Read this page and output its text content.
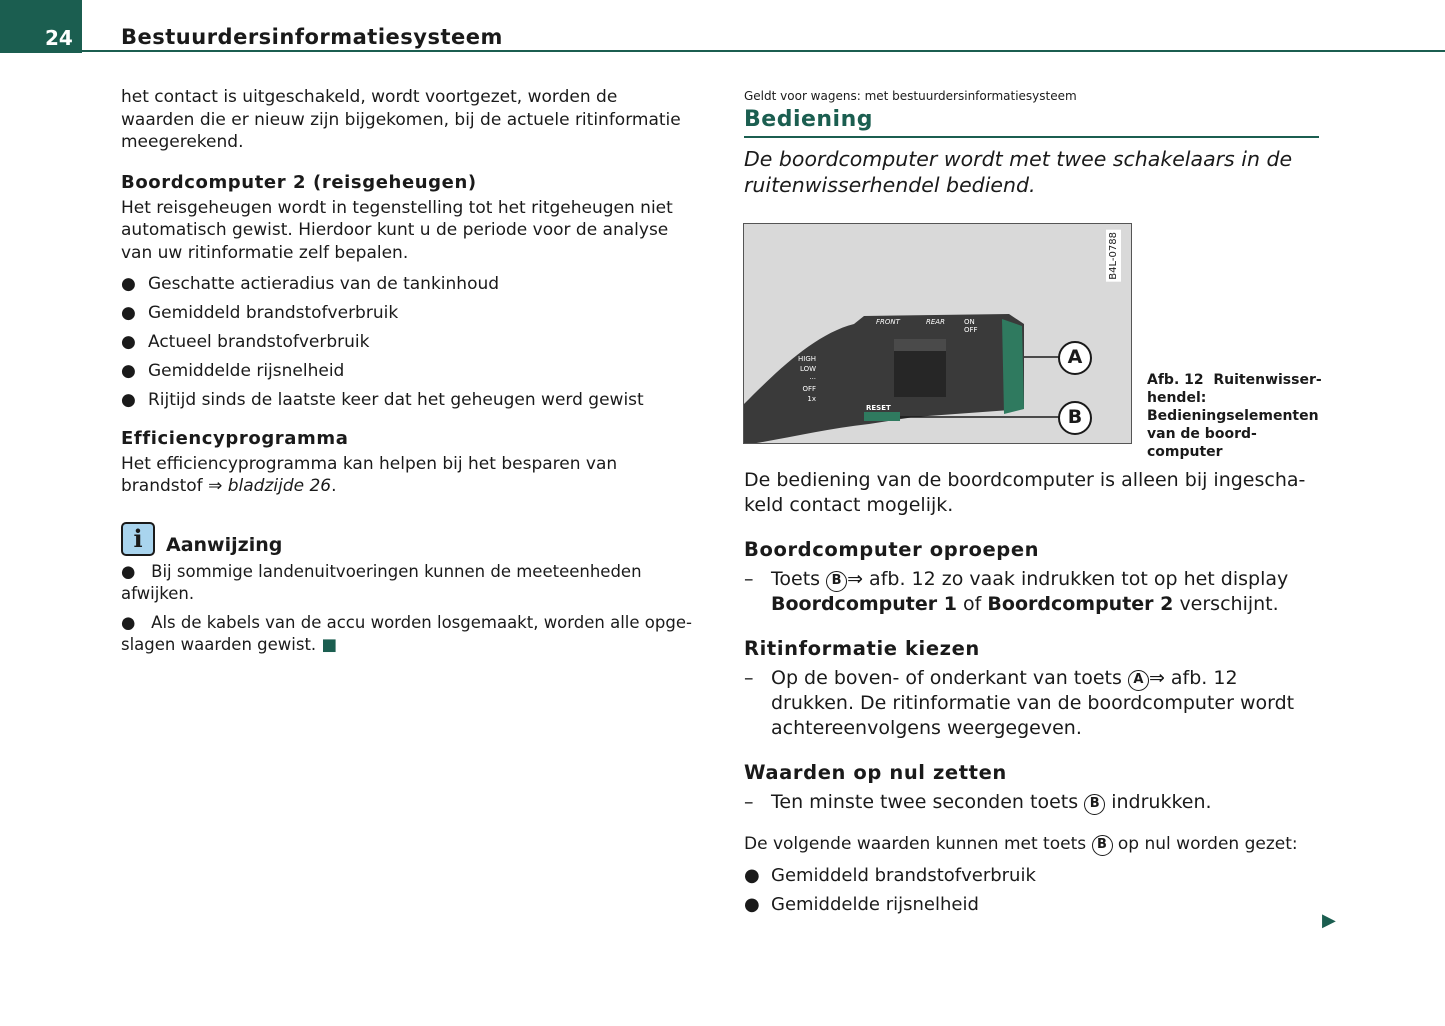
24	Bestuurdersinformatiesysteem

het contact is uitgeschakeld, wordt voortgezet, worden de waarden die er nieuw zijn bijgekomen, bij de actuele ritinformatie meegerekend.

Boordcomputer 2 (reisgeheugen)

Het reisgeheugen wordt in tegenstelling tot het ritgeheugen niet automatisch gewist. Hierdoor kunt u de periode voor de analyse van uw ritinformatie zelf bepalen.

● Geschatte actieradius van de tankinhoud
● Gemiddeld brandstofverbruik
● Actueel brandstofverbruik
● Gemiddelde rijsnelheid
● Rijtijd sinds de laatste keer dat het geheugen werd gewist
Efficiencyprogramma

Het efficiencyprogramma kan helpen bij het besparen van brandstof ⇒ bladzijde 26.

i	Aanwijzing

● Bij sommige landenuitvoeringen kunnen de meeteenheden afwijken.

● Als de kabels van de accu worden losgemaakt, worden alle opgeslagen waarden gewist. ■

Geldt voor wagens: met bestuurdersinformatiesysteem
Bediening
De boordcomputer wordt met twee schakelaars in de ruitenwisserhendel bediend.
A
B
B4L-0788
FRONT	REAR	ON
OFF
HIGH
LOW
···
OFF
1x
RESET
Afb. 12 Ruitenwisserhendel: Bedieningselementen van de boordcomputer

De bediening van de boordcomputer is alleen bij ingeschakeld contact mogelijk.

Boordcomputer oproepen
– Toets B ⇒ afb. 12 zo vaak indrukken tot op het display Boordcomputer 1 of Boordcomputer 2 verschijnt.
Ritinformatie kiezen
– Op de boven- of onderkant van toets A ⇒ afb. 12 drukken. De ritinformatie van de boordcomputer wordt achtereenvolgens weergegeven.
Waarden op nul zetten
– Ten minste twee seconden toets B indrukken.

De volgende waarden kunnen met toets B op nul worden gezet:

● Gemiddeld brandstofverbruik
● Gemiddelde rijsnelheid
▶
